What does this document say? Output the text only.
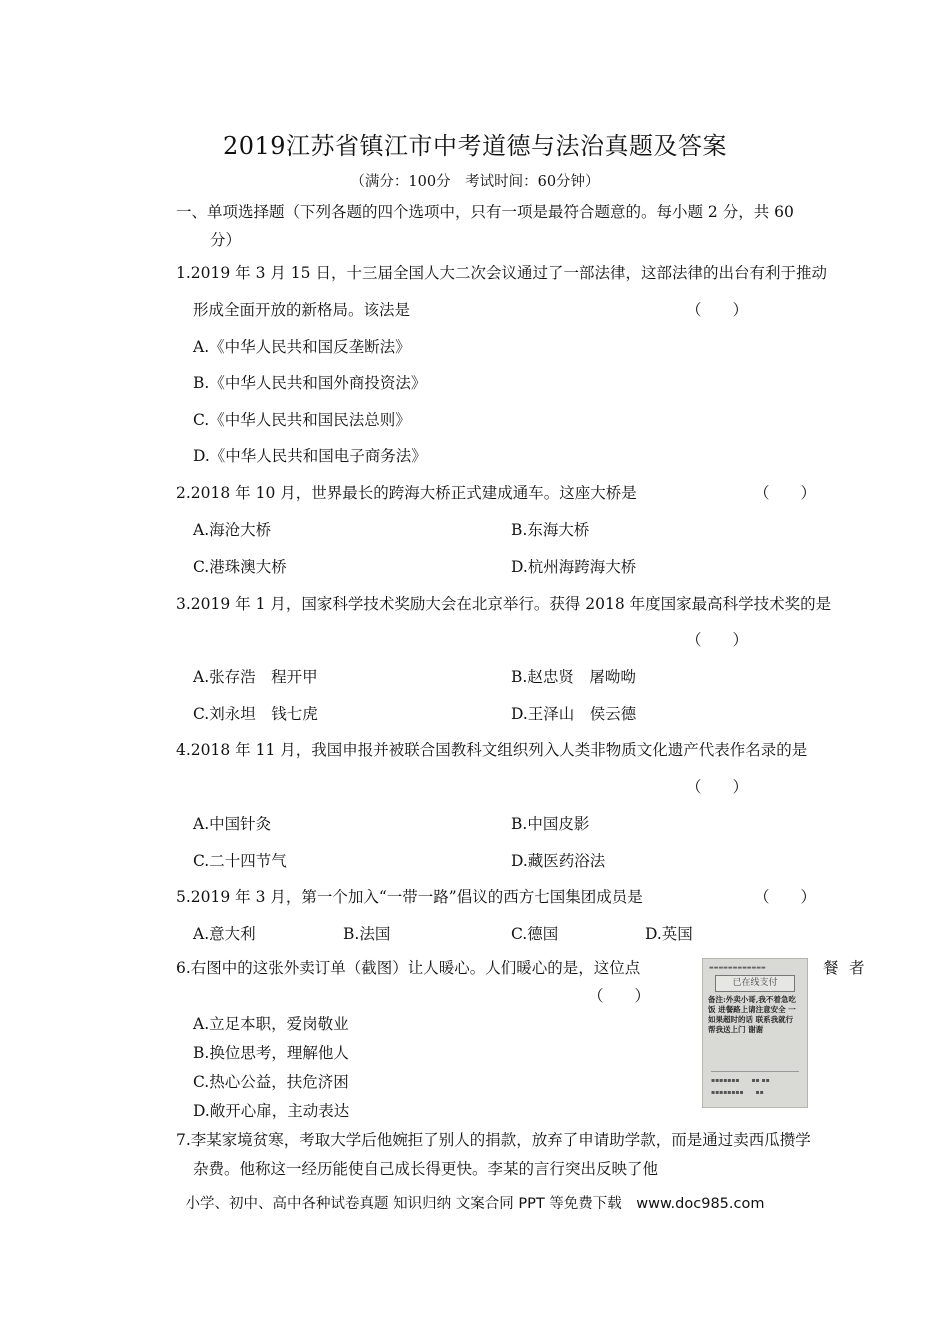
2019江苏省镇江市中考道德与法治真题及答案
（满分：100分　考试时间：60分钟）
一、单项选择题（下列各题的四个选项中，只有一项是最符合题意的。每小题 2 分，共 60
分）
1.2019 年 3 月 15 日，十三届全国人大二次会议通过了一部法律，这部法律的出台有利于推动
形成全面开放的新格局。该法是	（　　）
A.《中华人民共和国反垄断法》
B.《中华人民共和国外商投资法》
C.《中华人民共和国民法总则》
D.《中华人民共和国电子商务法》
2.2018 年 10 月，世界最长的跨海大桥正式建成通车。这座大桥是	（　　）
A.海沧大桥	B.东海大桥
C.港珠澳大桥	D.杭州海跨海大桥
3.2019 年 1 月，国家科学技术奖励大会在北京举行。获得 2018 年度国家最高科学技术奖的是
（　　）
A.张存浩　程开甲	B.赵忠贤　屠呦呦
C.刘永坦　钱七虎	D.王泽山　侯云德
4.2018 年 11 月，我国申报并被联合国教科文组织列入人类非物质文化遗产代表作名录的是
（　　）
A.中国针灸	B.中国皮影
C.二十四节气	D.藏医药浴法
5.2019 年 3 月，第一个加入“一带一路”倡议的西方七国集团成员是	（　　）
A.意大利	B.法国	C.德国	D.英国
6.右图中的这张外卖订单（截图）让人暖心。人们暖心的是，这位点	餐 者
（　　）
A.立足本职，爱岗敬业
B.换位思考，理解他人
C.热心公益，扶危济困
D.敞开心扉，主动表达
▬▬▬▬▬▬▬▬▬▬▬▬
已在线支付
备注:外卖小哥,我不着急吃饭 进餐路上请注意安全 一 如果超时的话 联系我就行 帮我送上门 谢谢
▪▪▪▪▪▪▪　　▪▪ ▪▪
▪▪▪▪▪▪▪▪　　▪▪
7.李某家境贫寒，考取大学后他婉拒了别人的捐款，放弃了申请助学款，而是通过卖西瓜攒学
杂费。他称这一经历能使自己成长得更快。李某的言行突出反映了他
小学、初中、高中各种试卷真题 知识归纳 文案合同 PPT 等免费下载　www.doc985.com
